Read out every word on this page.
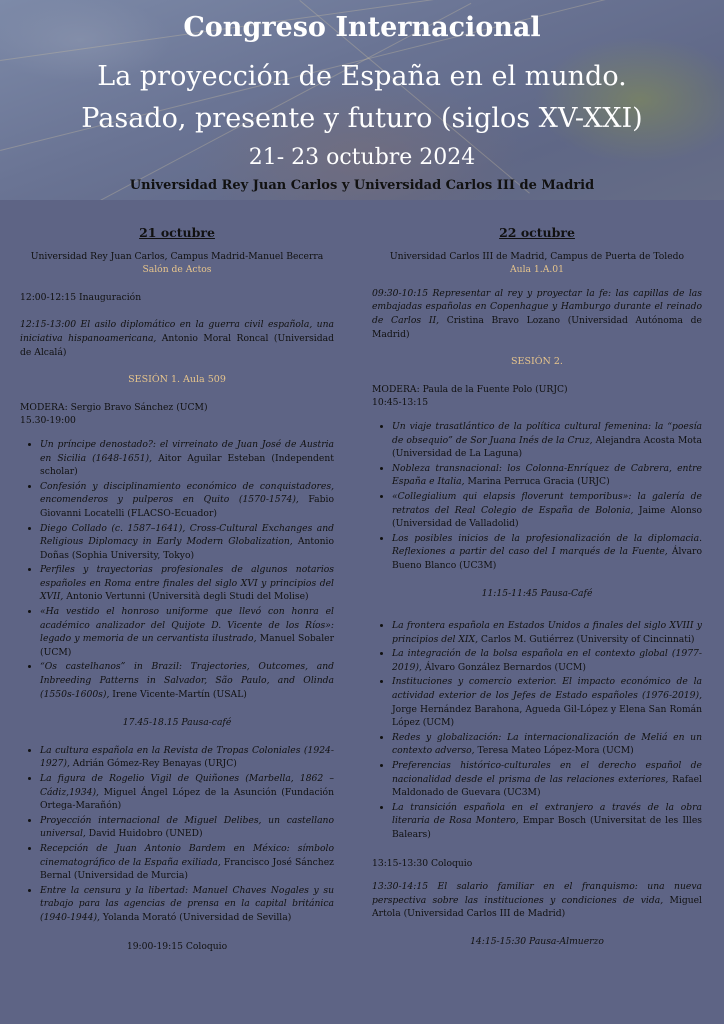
Congreso Internacional
La proyección de España en el mundo. Pasado, presente y futuro (siglos XV-XXI)
21- 23 octubre 2024
Universidad Rey Juan Carlos y Universidad Carlos III de Madrid
21 octubre
Universidad Rey Juan Carlos, Campus Madrid-Manuel Becerra
Salón de Actos
12:00-12:15 Inauguración
12:15-13:00 El asilo diplomático en la guerra civil española, una iniciativa hispanoamericana, Antonio Moral Roncal (Universidad de Alcalá)
SESIÓN 1. Aula 509
MODERA: Sergio Bravo Sánchez (UCM)
15.30-19:00
• Un príncipe denostado?: el virreinato de Juan José de Austria en Sicilia (1648-1651), Aitor Aguilar Esteban (Independent scholar)
• Confesión y disciplinamiento económico de conquistadores, encomenderos y pulperos en Quito (1570-1574), Fabio Giovanni Locatelli (FLACSO-Ecuador)
• Diego Collado (c. 1587–1641), Cross-Cultural Exchanges and Religious Diplomacy in Early Modern Globalization, Antonio Doñas (Sophia University, Tokyo)
• Perfiles y trayectorias profesionales de algunos notarios españoles en Roma entre finales del siglo XVI y principios del XVII, Antonio Vertunni (Università degli Studi del Molise)
• «Ha vestido el honroso uniforme que llevó con honra el académico analizador del Quijote D. Vicente de los Ríos»: legado y memoria de un cervantista ilustrado, Manuel Sobaler (UCM)
• “Os castelhanos” in Brazil: Trajectories, Outcomes, and Inbreeding Patterns in Salvador, São Paulo, and Olinda (1550s-1600s), Irene Vicente-Martín (USAL)
17.45-18.15 Pausa-café
• La cultura española en la Revista de Tropas Coloniales (1924-1927), Adrián Gómez-Rey Benayas (URJC)
• La figura de Rogelio Vigil de Quiñones (Marbella, 1862 – Cádiz,1934), Miguel Ángel López de la Asunción (Fundación Ortega-Marañón)
• Proyección internacional de Miguel Delibes, un castellano universal, David Huidobro (UNED)
• Recepción de Juan Antonio Bardem en México: símbolo cinematográfico de la España exiliada, Francisco José Sánchez Bernal (Universidad de Murcia)
• Entre la censura y la libertad: Manuel Chaves Nogales y su trabajo para las agencias de prensa en la capital británica (1940-1944), Yolanda Morató (Universidad de Sevilla)
19:00-19:15 Coloquio
22 octubre
Universidad Carlos III de Madrid, Campus de Puerta de Toledo
Aula 1.A.01
09:30-10:15 Representar al rey y proyectar la fe: las capillas de las embajadas españolas en Copenhague y Hamburgo durante el reinado de Carlos II, Cristina Bravo Lozano (Universidad Autónoma de Madrid)
SESIÓN 2.
MODERA: Paula de la Fuente Polo (URJC)
10:45-13:15
• Un viaje trasatlántico de la política cultural femenina: la “poesía de obsequio” de Sor Juana Inés de la Cruz, Alejandra Acosta Mota (Universidad de La Laguna)
• Nobleza transnacional: los Colonna-Enríquez de Cabrera, entre España e Italia, Marina Perruca Gracia (URJC)
• «Collegialium qui elapsis floverunt temporibus»: la galería de retratos del Real Colegio de España de Bolonia, Jaime Alonso (Universidad de Valladolid)
• Los posibles inicios de la profesionalización de la diplomacia. Reflexiones a partir del caso del I marqués de la Fuente, Álvaro Bueno Blanco (UC3M)
11:15-11:45 Pausa-Café
• La frontera española en Estados Unidos a finales del siglo XVIII y principios del XIX, Carlos M. Gutiérrez (University of Cincinnati)
• La integración de la bolsa española en el contexto global (1977-2019), Álvaro González Bernardos (UCM)
• Instituciones y comercio exterior. El impacto económico de la actividad exterior de los Jefes de Estado españoles (1976-2019), Jorge Hernández Barahona, Agueda Gil-López y Elena San Román López (UCM)
• Redes y globalización: La internacionalización de Meliá en un contexto adverso, Teresa Mateo López-Mora (UCM)
• Preferencias histórico-culturales en el derecho español de nacionalidad desde el prisma de las relaciones exteriores, Rafael Maldonado de Guevara (UC3M)
• La transición española en el extranjero a través de la obra literaria de Rosa Montero, Empar Bosch (Universitat de les Illes Balears)
13:15-13:30 Coloquio
13:30-14:15 El salario familiar en el franquismo: una nueva perspectiva sobre las instituciones y condiciones de vida, Miguel Artola (Universidad Carlos III de Madrid)
14:15-15:30 Pausa-Almuerzo
